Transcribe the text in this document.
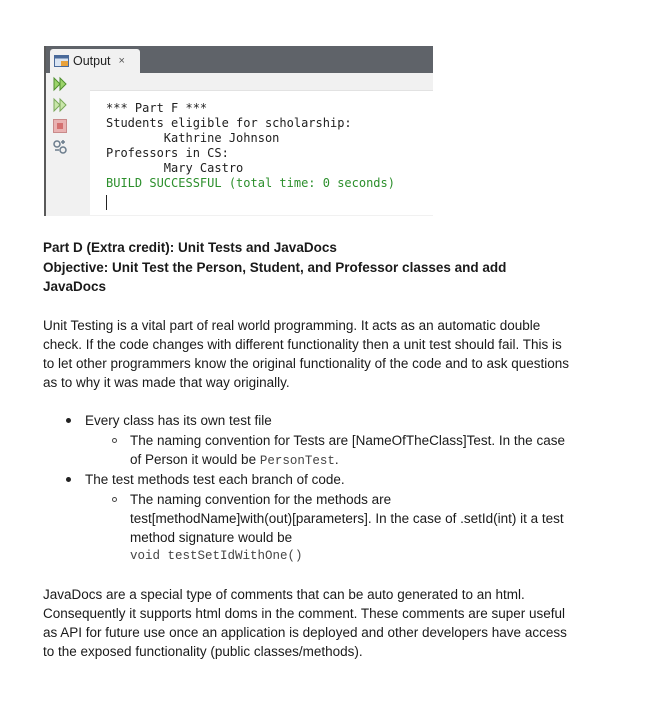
Output ×
*** Part F ***
Students eligible for scholarship:
Kathrine Johnson
Professors in CS:
Mary Castro
BUILD SUCCESSFUL (total time: 0 seconds)
Part D (Extra credit): Unit Tests and JavaDocs
Objective: Unit Test the Person, Student, and Professor classes and add
JavaDocs
Unit Testing is a vital part of real world programming. It acts as an automatic double
check. If the code changes with different functionality then a unit test should fail. This is
to let other programmers know the original functionality of the code and to ask questions
as to why it was made that way originally.
Every class has its own test file
The naming convention for Tests are [NameOfTheClass]Test. In the case
of Person it would be PersonTest.
The test methods test each branch of code.
The naming convention for the methods are
test[methodName]with(out)[parameters]. In the case of .setId(int) it a test
method signature would be
void testSetIdWithOne()
JavaDocs are a special type of comments that can be auto generated to an html.
Consequently it supports html doms in the comment. These comments are super useful
as API for future use once an application is deployed and other developers have access
to the exposed functionality (public classes/methods).
